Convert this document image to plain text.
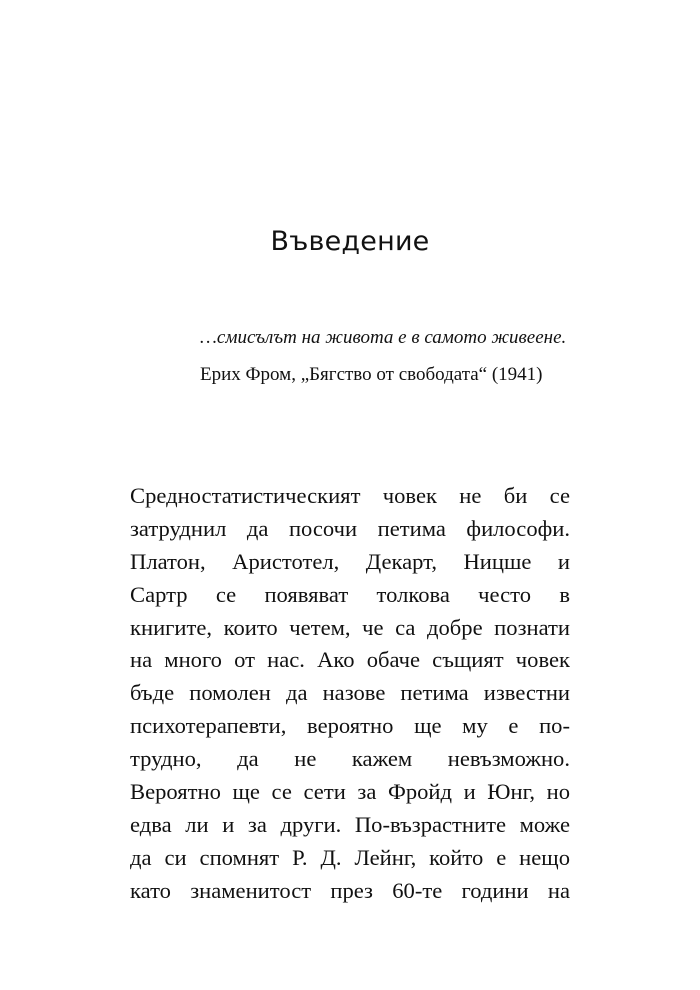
Въведение

…смисълът на живота е в самото живеене.

Ерих Фром, „Бягство от свободата“ (1941)

Средностатистическият човек не би се
затруднил да посочи петима философи.
Платон, Аристотел, Декарт, Ницше и
Сартр се появяват толкова често в
книгите, които четем, че са добре познати
на много от нас. Ако обаче същият човек
бъде помолен да назове петима известни
психотерапевти, вероятно ще му е по-
трудно, да не кажем невъзможно.
Вероятно ще се сети за Фройд и Юнг, но
едва ли и за други. По-възрастните може
да си спомнят Р. Д. Лейнг, който е нещо
като знаменитост през 60-те години на
